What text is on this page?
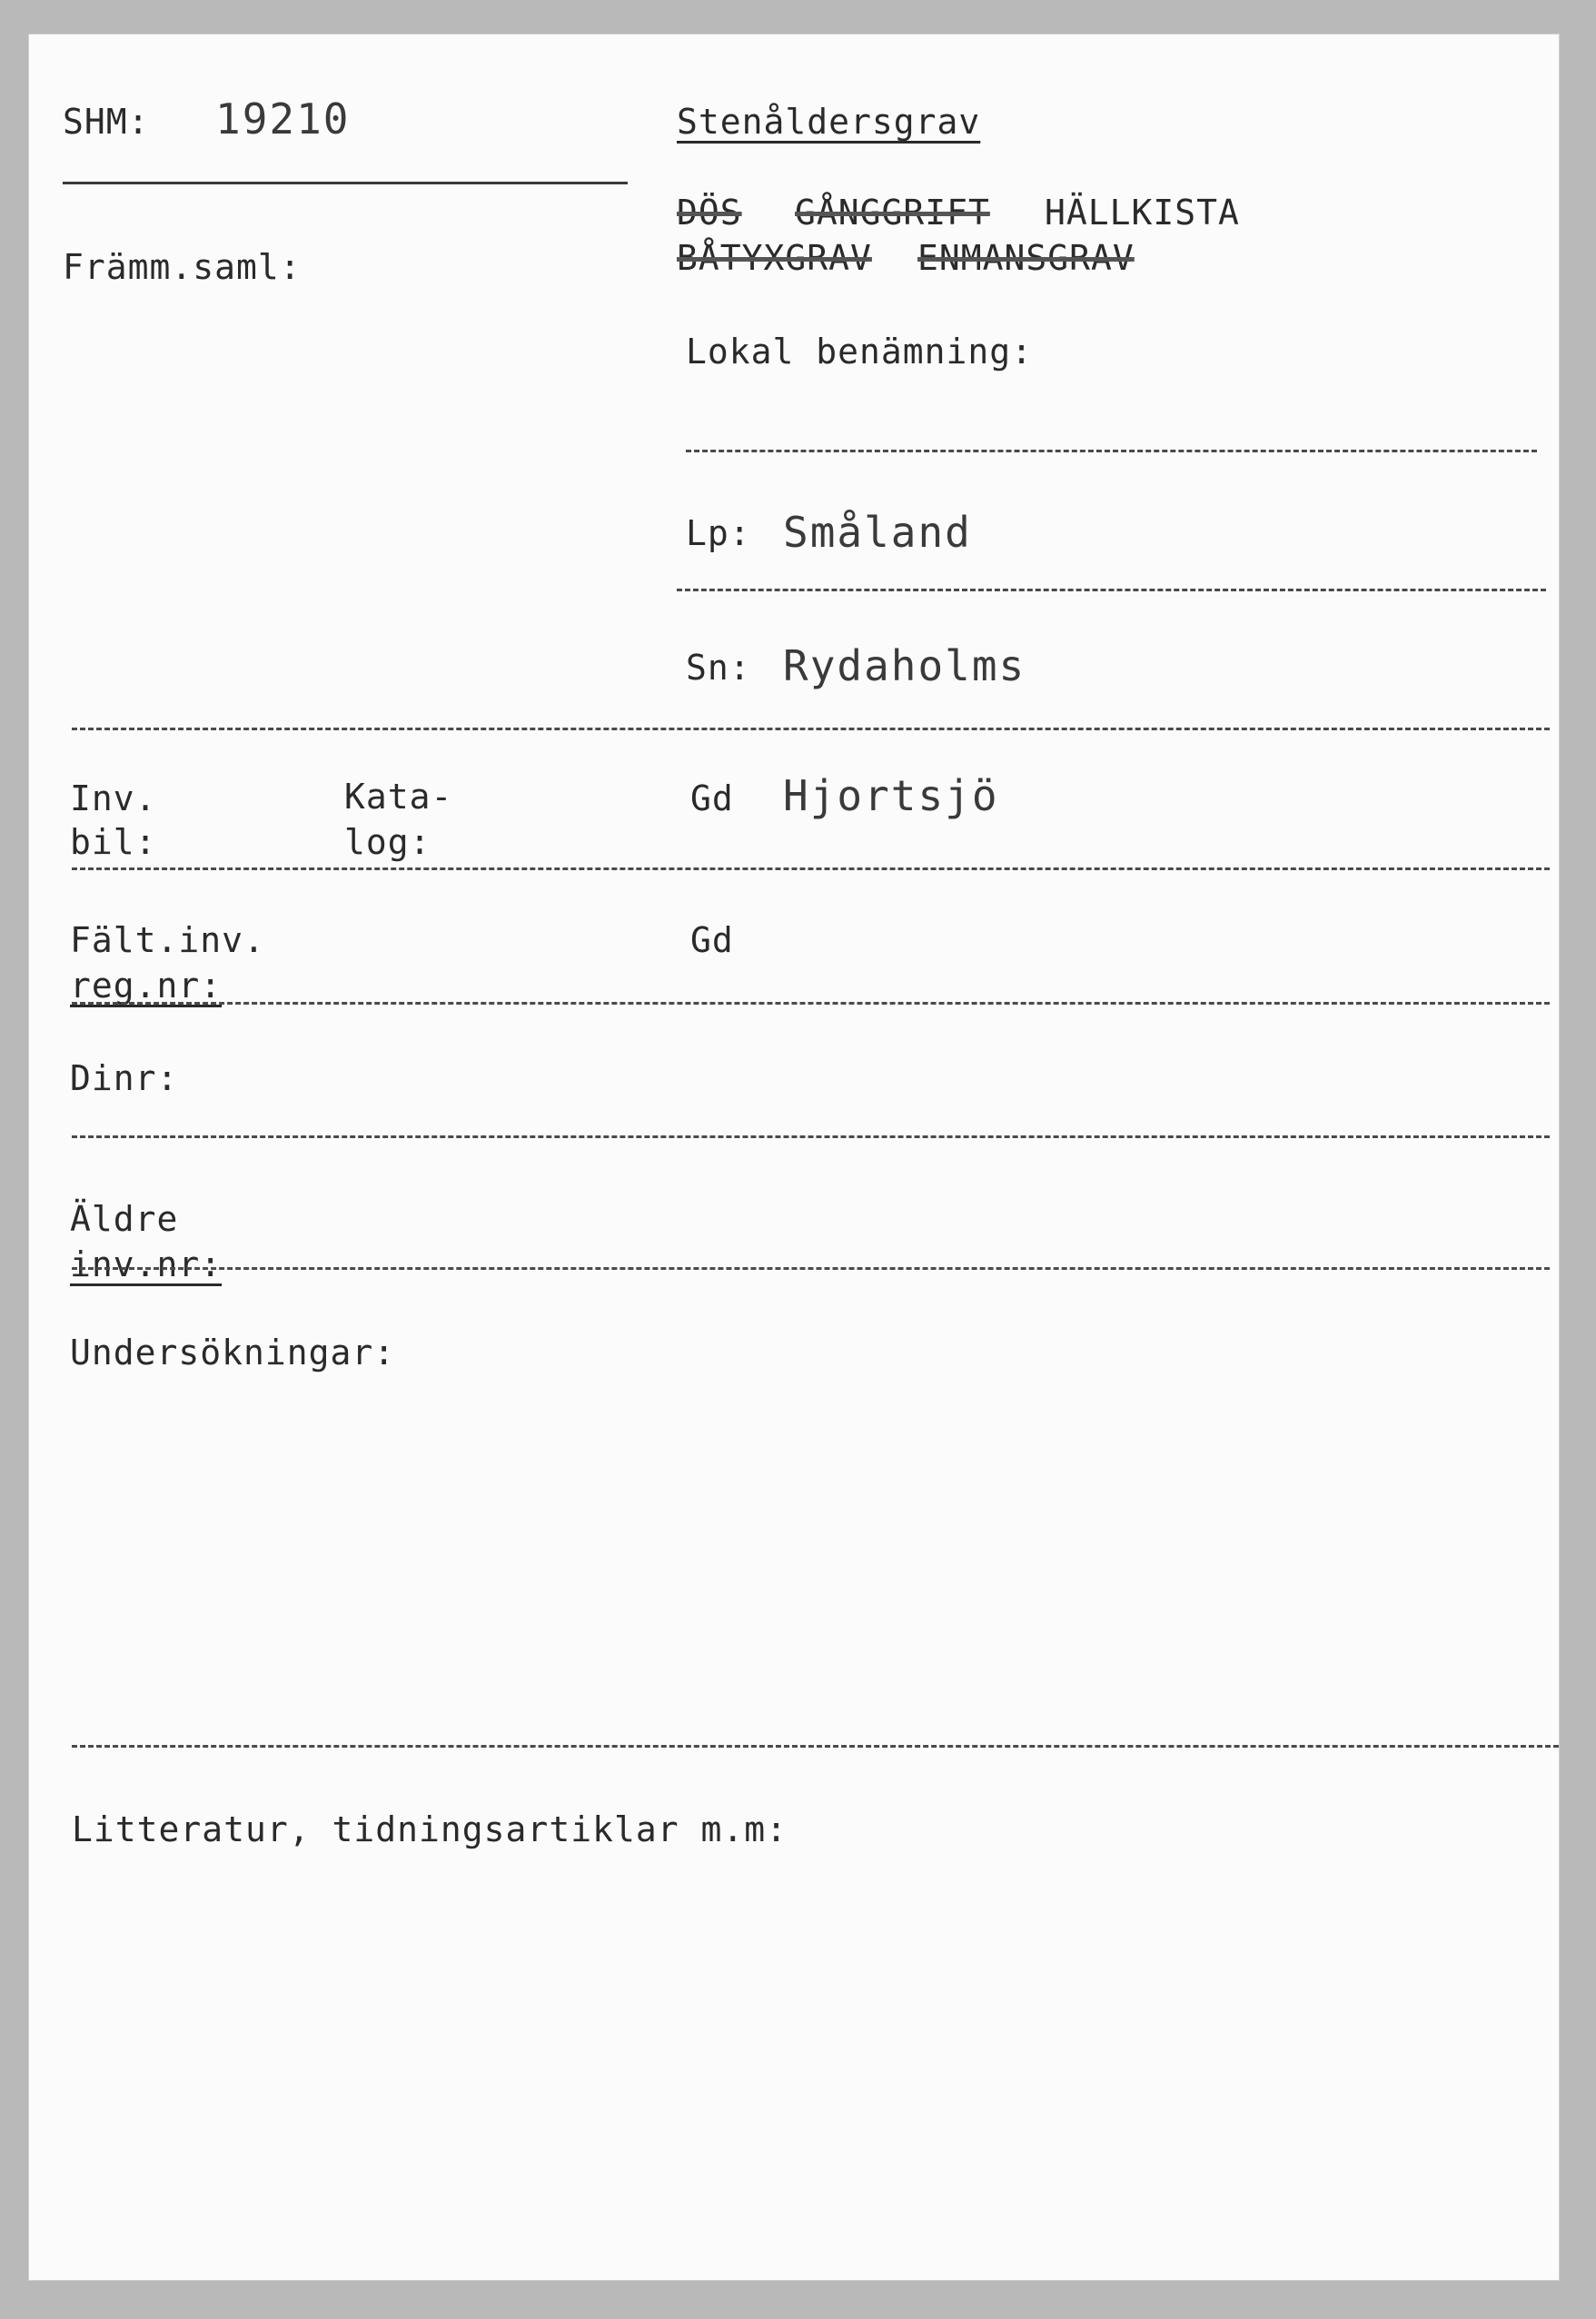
SHM: 19210	Stenåldersgrav
DÖS GÅNGGRIFT HÄLLKISTA
BÅTYXGRAV ENMANSGRAV
Främm.saml:
Lokal benämning:
Lp: Småland
Sn: Rydaholms
Inv.
bil:
Kata-
log:
Gd Hjortsjö
Fält.inv.
reg.nr:
Gd
Dinr:
Äldre
inv.nr:
Undersökningar:
Litteratur, tidningsartiklar m.m:
